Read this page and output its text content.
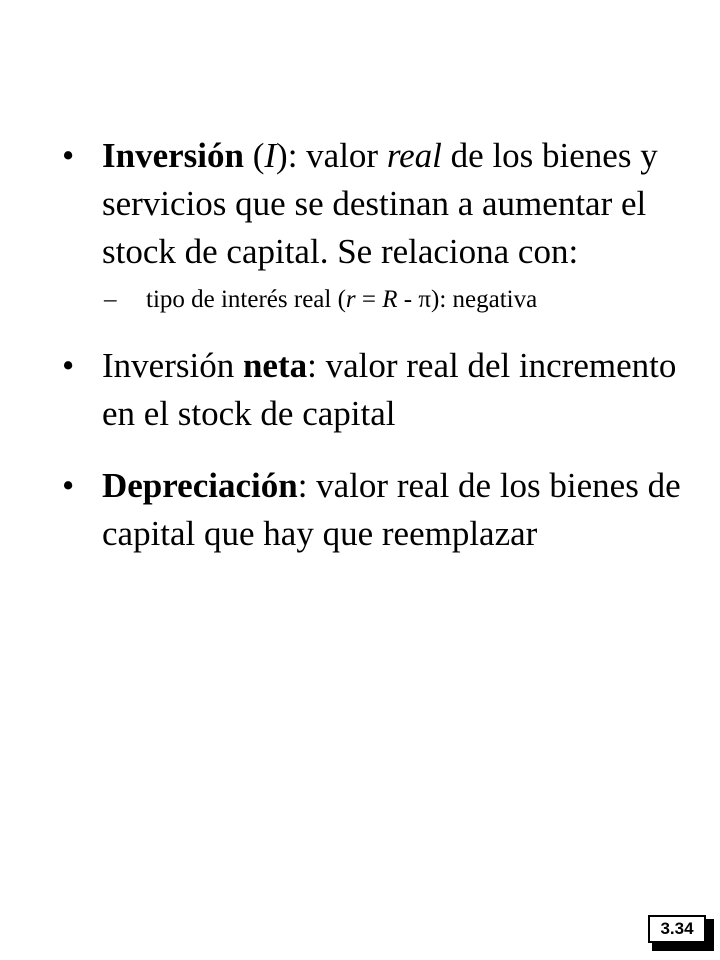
• Inversión (I): valor real de los bienes y servicios que se destinan a aumentar el stock de capital. Se relaciona con:
– tipo de interés real (r = R - π): negativa
• Inversión neta: valor real del incremento en el stock de capital
• Depreciación: valor real de los bienes de capital que hay que reemplazar
3.34
